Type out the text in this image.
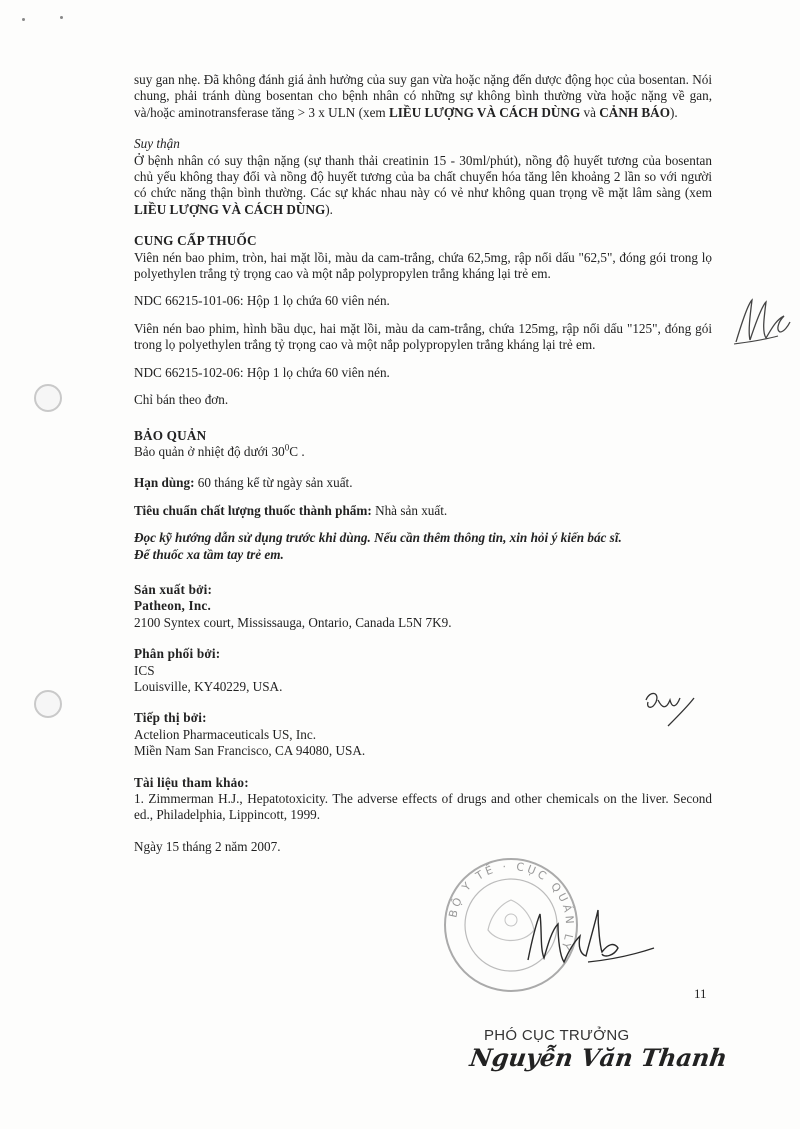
suy gan nhẹ. Đã không đánh giá ảnh hưởng của suy gan vừa hoặc nặng đến dược động học của bosentan. Nói chung, phải tránh dùng bosentan cho bệnh nhân có những sự không bình thường vừa hoặc nặng về gan, và/hoặc aminotransferase tăng > 3 x ULN (xem LIỀU LƯỢNG VÀ CÁCH DÙNG và CẢNH BÁO).

Suy thận

Ở bệnh nhân có suy thận nặng (sự thanh thải creatinin 15 - 30ml/phút), nồng độ huyết tương của bosentan chủ yếu không thay đổi và nồng độ huyết tương của ba chất chuyển hóa tăng lên khoảng 2 lần so với người có chức năng thận bình thường. Các sự khác nhau này có vẻ như không quan trọng về mặt lâm sàng (xem LIỀU LƯỢNG VÀ CÁCH DÙNG).

CUNG CẤP THUỐC

Viên nén bao phim, tròn, hai mặt lồi, màu da cam-trắng, chứa 62,5mg, rập nổi dấu "62,5", đóng gói trong lọ polyethylen trắng tỷ trọng cao và một nắp polypropylen trắng kháng lại trẻ em.

NDC 66215-101-06: Hộp 1 lọ chứa 60 viên nén.

Viên nén bao phim, hình bầu dục, hai mặt lồi, màu da cam-trắng, chứa 125mg, rập nổi dấu "125", đóng gói trong lọ polyethylen trắng tỷ trọng cao và một nắp polypropylen trắng kháng lại trẻ em.

NDC 66215-102-06: Hộp 1 lọ chứa 60 viên nén.

Chỉ bán theo đơn.

BẢO QUẢN

Bảo quản ở nhiệt độ dưới $30^0C$ .

Hạn dùng: 60 tháng kể từ ngày sản xuất.

Tiêu chuẩn chất lượng thuốc thành phẩm: Nhà sản xuất.

Đọc kỹ hướng dẫn sử dụng trước khi dùng. Nếu cần thêm thông tin, xin hỏi ý kiến bác sĩ.

Để thuốc xa tầm tay trẻ em.

Sản xuất bởi:

Patheon, Inc.

2100 Syntex court, Mississauga, Ontario, Canada L5N 7K9.

Phân phối bởi:

ICS

Louisville, KY40229, USA.

Tiếp thị bởi:

Actelion Pharmaceuticals US, Inc.

Miền Nam San Francisco, CA 94080, USA.

Tài liệu tham khảo:

1. Zimmerman H.J., Hepatotoxicity. The adverse effects of drugs and other chemicals on the liver. Second ed., Philadelphia, Lippincott, 1999.

Ngày 15 tháng 2 năm 2007.

BỘ Y TẾ · CỤC QUẢN LÝ
11
PHÓ CỤC TRƯỞNG
Nguyễn Văn Thanh
